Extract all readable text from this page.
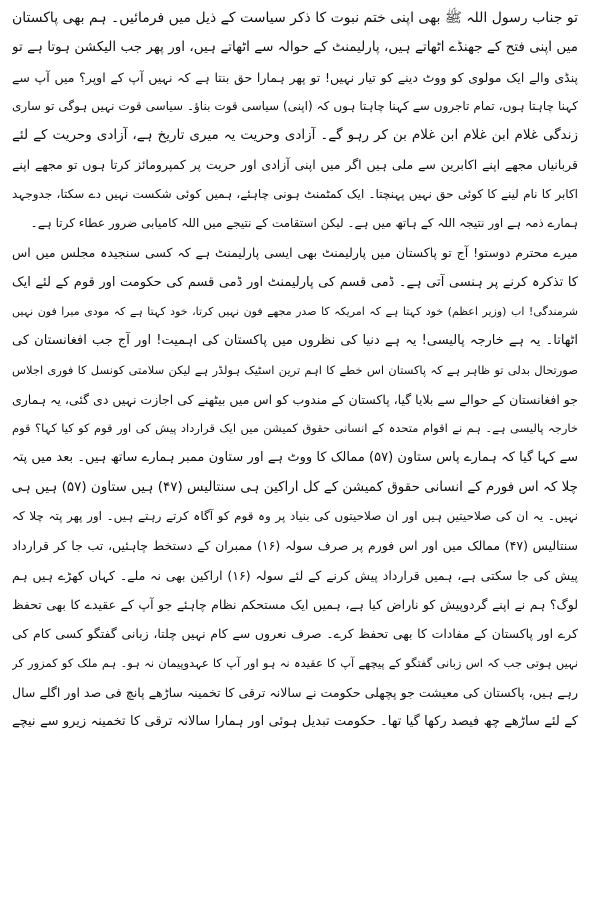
تو جناب رسول اللہ ﷺ بھی اپنی ختم نبوت کا ذکر سیاست کے ذیل میں فرمائیں۔ ہم بھی پاکستان
میں اپنی فتح کے جھنڈے اٹھاتے ہیں، پارلیمنٹ کے حوالہ سے اٹھاتے ہیں، اور پھر جب الیکشن ہوتا ہے تو
پنڈی والے ایک مولوی کو ووٹ دینے کو تیار نہیں! تو پھر ہمارا حق بنتا ہے کہ نہیں آپ کے اوپر؟ میں آپ سے
کہنا چاہتا ہوں، تمام تاجروں سے کہنا چاہتا ہوں کہ (اپنی) سیاسی قوت بناؤ۔ سیاسی قوت نہیں ہوگی تو ساری
زندگی غلام ابن غلام ابن غلام بن کر رہو گے۔ آزادی وحریت یہ میری تاریخ ہے، آزادی وحریت کے لئے
قربانیاں مجھے اپنے اکابرین سے ملی ہیں اگر میں اپنی آزادی اور حریت پر کمپرومائز کرتا ہوں تو مجھے اپنے
اکابر کا نام لینے کا کوئی حق نہیں پہنچتا۔ ایک کمٹمنٹ ہونی چاہئے، ہمیں کوئی شکست نہیں دے سکتا، جدوجہد
ہمارے ذمہ ہے اور نتیجہ اللہ کے ہاتھ میں ہے۔ لیکن استقامت کے نتیجے میں اللہ کامیابی ضرور عطاء کرتا ہے۔
میرے محترم دوستو! آج تو پاکستان میں پارلیمنٹ بھی ایسی پارلیمنٹ ہے کہ کسی سنجیدہ مجلس میں اس
کا تذکرہ کرنے پر ہنسی آتی ہے۔ ڈمی قسم کی پارلیمنٹ اور ڈمی قسم کی حکومت اور قوم کے لئے ایک
شرمندگی! اب (وزیر اعظم) خود کہتا ہے کہ امریکہ کا صدر مجھے فون نہیں کرتا، خود کہتا ہے کہ مودی میرا فون نہیں
اٹھاتا۔ یہ ہے خارجہ پالیسی! یہ ہے دنیا کی نظروں میں پاکستان کی اہمیت! اور آج جب افغانستان کی
صورتحال بدلی تو ظاہر ہے کہ پاکستان اس خطے کا اہم ترین اسٹیک ہولڈر ہے لیکن سلامتی کونسل کا فوری اجلاس
جو افغانستان کے حوالے سے بلایا گیا، پاکستان کے مندوب کو اس میں بیٹھنے کی اجازت نہیں دی گئی، یہ ہماری
خارجہ پالیسی ہے۔ ہم نے اقوام متحدہ کے انسانی حقوق کمیشن میں ایک قرارداد پیش کی اور قوم کو کیا کہا؟ قوم
سے کہا گیا کہ ہمارے پاس ستاون (۵۷) ممالک کا ووٹ ہے اور ستاون ممبر ہمارے ساتھ ہیں۔ بعد میں پتہ
چلا کہ اس فورم کے انسانی حقوق کمیشن کے کل اراکین ہی سنتالیس (۴۷) ہیں ستاون (۵۷) ہیں ہی
نہیں۔ یہ ان کی صلاحیتیں ہیں اور ان صلاحیتوں کی بنیاد پر وہ قوم کو آگاہ کرتے رہتے ہیں۔ اور پھر پتہ چلا کہ
سنتالیس (۴۷) ممالک میں اور اس فورم پر صرف سولہ (۱۶) ممبران کے دستخط چاہئیں، تب جا کر قرارداد
پیش کی جا سکتی ہے، ہمیں قرارداد پیش کرنے کے لئے سولہ (۱۶) اراکین بھی نہ ملے۔ کہاں کھڑے ہیں ہم
لوگ؟ ہم نے اپنے گردوپیش کو ناراض کیا ہے، ہمیں ایک مستحکم نظام چاہئے جو آپ کے عقیدے کا بھی تحفظ
کرے اور پاکستان کے مفادات کا بھی تحفظ کرے۔ صرف نعروں سے کام نہیں چلتا، زبانی گفتگو کسی کام کی
نہیں ہوتی جب کہ اس زبانی گفتگو کے پیچھے آپ کا عقیدہ نہ ہو اور آپ کا عہدوپیمان نہ ہو۔ ہم ملک کو کمزور کر
رہے ہیں، پاکستان کی معیشت جو پچھلی حکومت نے سالانہ ترقی کا تخمینہ ساڑھے پانچ فی صد اور اگلے سال
کے لئے ساڑھے چھ فیصد رکھا گیا تھا۔ حکومت تبدیل ہوئی اور ہمارا سالانہ ترقی کا تخمینہ زیرو سے نیچے
